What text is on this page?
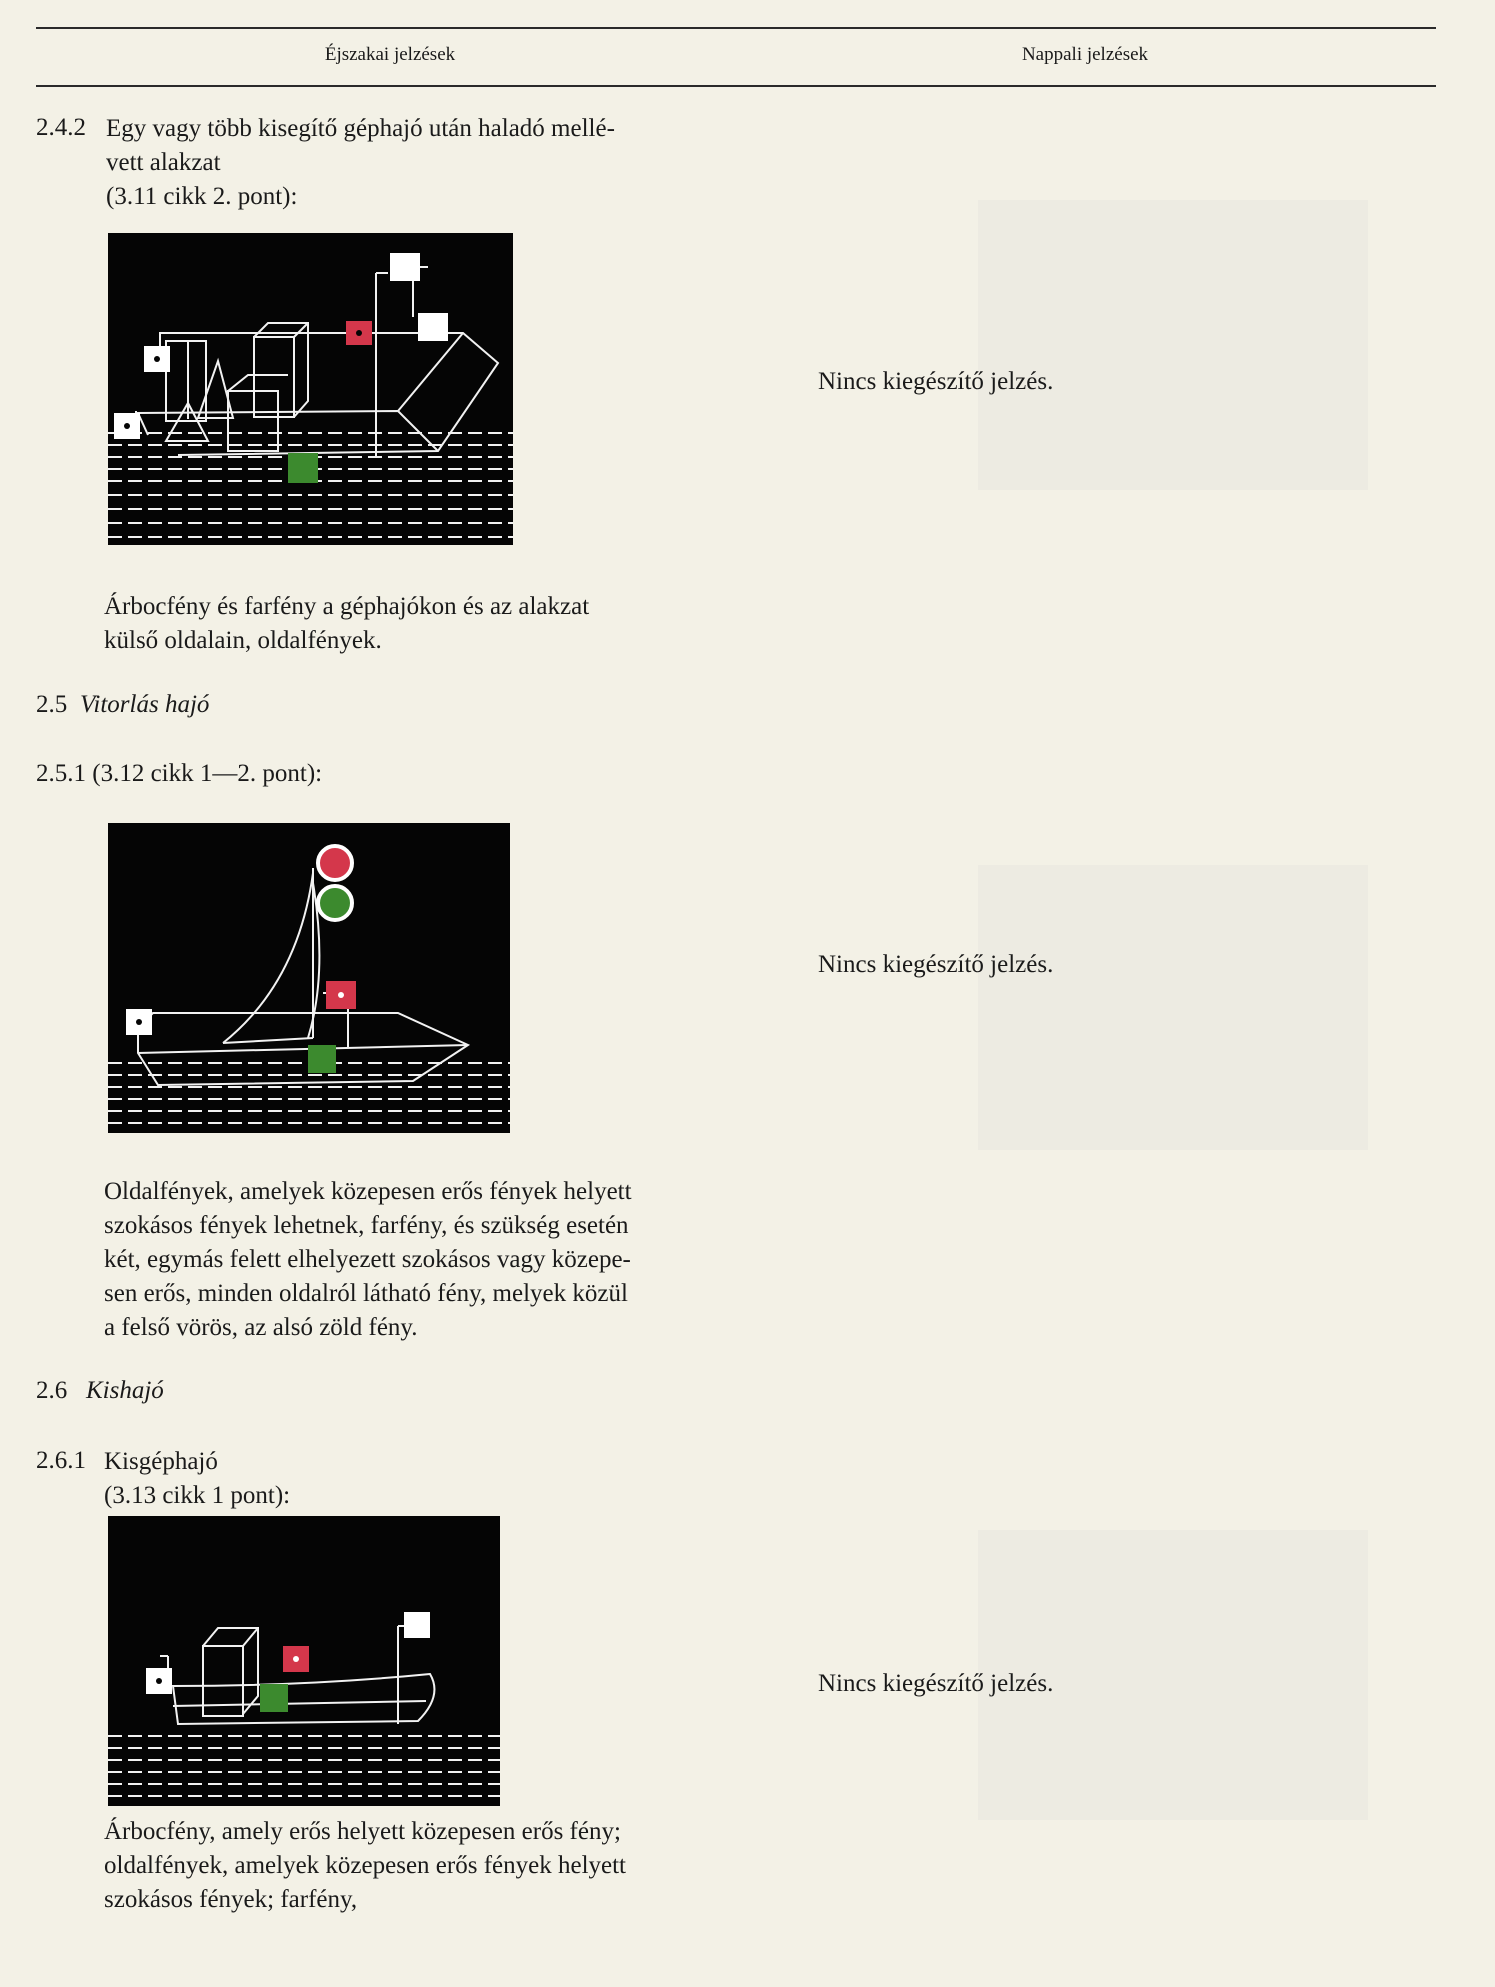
Éjszakai jelzések	Nappali jelzések
2.4.2 Egy vagy több kisegítő géphajó után haladó mellé-
vett alakzat
(3.11 cikk 2. pont):
Árbocfény és farfény a géphajókon és az alakzat
külső oldalain, oldalfények.
Nincs kiegészítő jelzés.
2.5 Vitorlás hajó
2.5.1 (3.12 cikk 1—2. pont):
Oldalfények, amelyek közepesen erős fények helyett
szokásos fények lehetnek, farfény, és szükség esetén
két, egymás felett elhelyezett szokásos vagy közepe-
sen erős, minden oldalról látható fény, melyek közül
a felső vörös, az alsó zöld fény.
Nincs kiegészítő jelzés.
2.6 Kishajó
2.6.1 Kisgéphajó
(3.13 cikk 1 pont):
Árbocfény, amely erős helyett közepesen erős fény;
oldalfények, amelyek közepesen erős fények helyett
szokásos fények; farfény,
Nincs kiegészítő jelzés.
